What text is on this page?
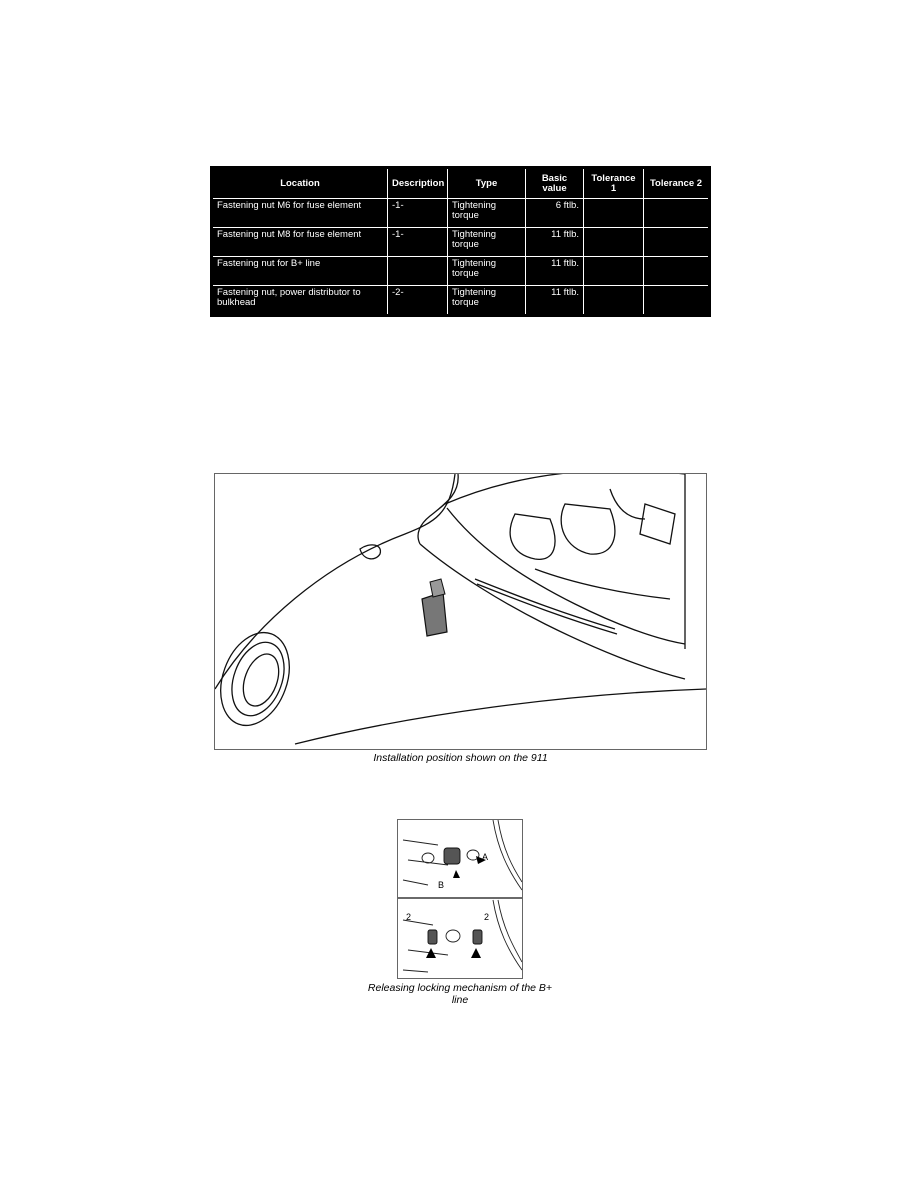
Location	Description	Type	Basic value	Tolerance 1	Tolerance 2
Fastening nut M6 for fuse element	-1-	Tightening torque	6 ftlb.		
Fastening nut M8 for fuse element	-1-	Tightening torque	11 ftlb.		
Fastening nut for B+ line		Tightening torque	11 ftlb.		
Fastening nut, power distributor to bulkhead	-2-	Tightening torque	11 ftlb.		
Installation position shown on the 911
A
B
2	2
Releasing locking mechanism of the B+ line
